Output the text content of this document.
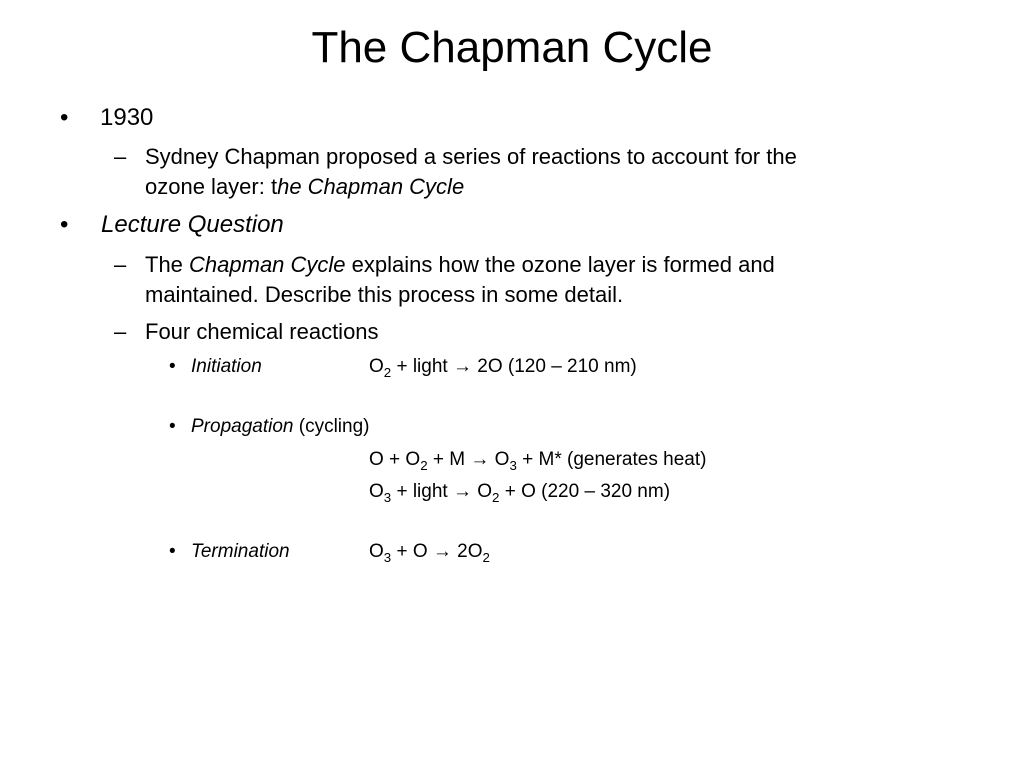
The Chapman Cycle
• 1930
– Sydney Chapman proposed a series of reactions to account for the
ozone layer: the Chapman Cycle
• Lecture Question
– The Chapman Cycle explains how the ozone layer is formed and
maintained. Describe this process in some detail.
– Four chemical reactions
• Initiation	$O_2$ + light → 2O (120 – 210 nm)
• Propagation (cycling)
$O + O_2 + M \to O_3 + M*$ (generates heat)
$O_3$ + light → $O_2 + O$ (220 – 320 nm)
• Termination	$O_3 + O \to 2O_2$
